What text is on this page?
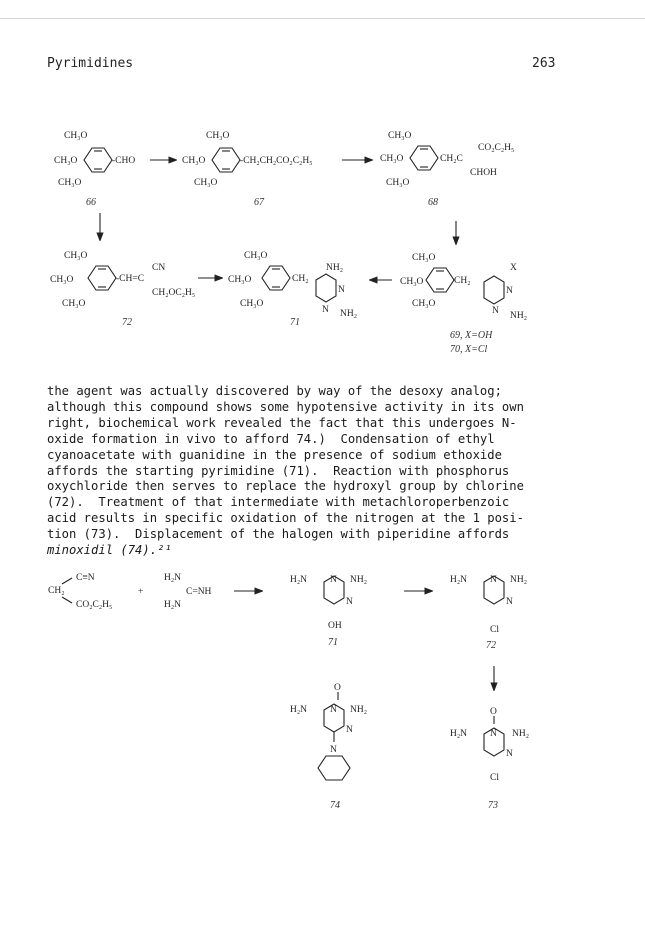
Pyrimidines	263
CH₃O
CH₃O
CH₃O
-CHO
66
CH₃O
CH₃O
CH₃O
-CH₂CH₂CO₂C₂H₅
67
CH₃O
CH₃O
CH₃O
CH₂C
CO₂C₂H₅
CHOH
68
CH₃O
CH₃O
CH₃O
-CH=C
CN
CH₂OC₂H₅
72
CH₃O
CH₃O
CH₃O
CH₂
NH₂
N
N NH₂
71
CH₃O
CH₃O
CH₃O
CH₂
X
N
N NH₂
69, X=OH
70, X=Cl
C≡N
CH₂
CO₂C₂H₅
+
H₂N
C=NH
H₂N
H₂N N NH₂
N
OH
71
H₂N N NH₂
N
Cl
72
O
H₂N N NH₂
N
N
74
O
H₂N N NH₂
N
Cl
73

the agent was actually discovered by way of the desoxy analog;

although this compound shows some hypotensive activity in its own

right, biochemical work revealed the fact that this undergoes N-

oxide formation in vivo to afford 74.)  Condensation of ethyl

cyanoacetate with guanidine in the presence of sodium ethoxide

affords the starting pyrimidine (71).  Reaction with phosphorus

oxychloride then serves to replace the hydroxyl group by chlorine

(72).  Treatment of that intermediate with metachloroperbenzoic

acid results in specific oxidation of the nitrogen at the 1 posi-

tion (73).  Displacement of the halogen with piperidine affords

minoxidil (74).²¹
